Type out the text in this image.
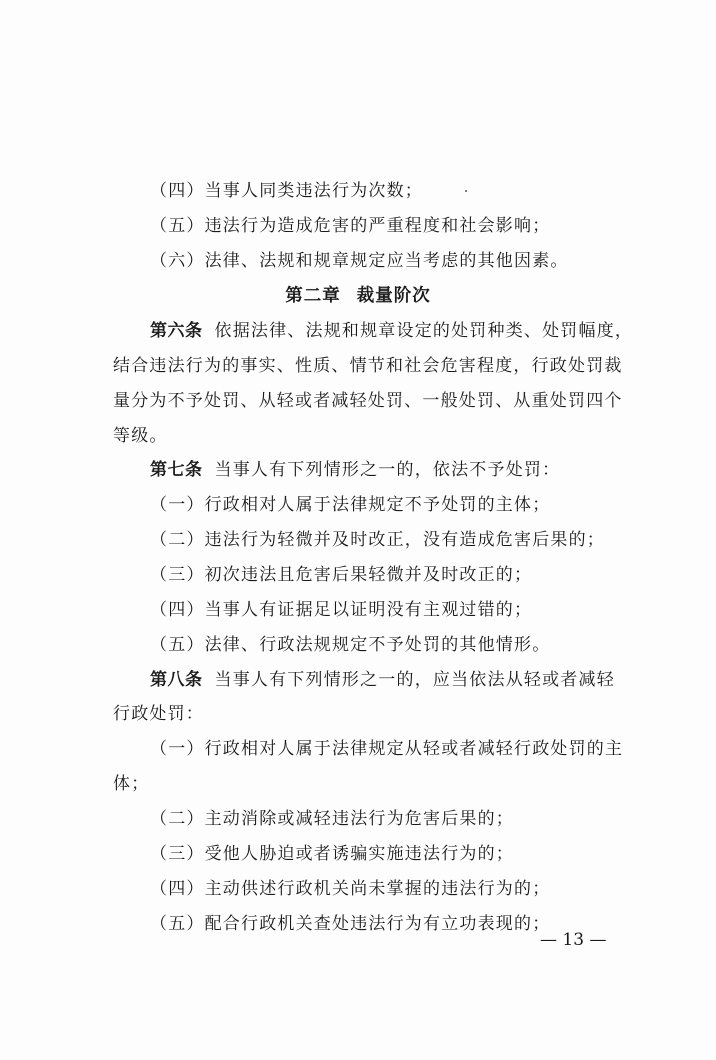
（四）当事人同类违法行为次数；
（五）违法行为造成危害的严重程度和社会影响；
（六）法律、法规和规章规定应当考虑的其他因素。
第二章 裁量阶次
第六条 依据法律、法规和规章设定的处罚种类、处罚幅度，
结合违法行为的事实、性质、情节和社会危害程度，行政处罚裁
量分为不予处罚、从轻或者减轻处罚、一般处罚、从重处罚四个
等级。
第七条 当事人有下列情形之一的，依法不予处罚：
（一）行政相对人属于法律规定不予处罚的主体；
（二）违法行为轻微并及时改正，没有造成危害后果的；
（三）初次违法且危害后果轻微并及时改正的；
（四）当事人有证据足以证明没有主观过错的；
（五）法律、行政法规规定不予处罚的其他情形。
第八条 当事人有下列情形之一的，应当依法从轻或者减轻
行政处罚：
（一）行政相对人属于法律规定从轻或者减轻行政处罚的主
体；
（二）主动消除或减轻违法行为危害后果的；
（三）受他人胁迫或者诱骗实施违法行为的；
（四）主动供述行政机关尚未掌握的违法行为的；
（五）配合行政机关查处违法行为有立功表现的；
— 13 —
